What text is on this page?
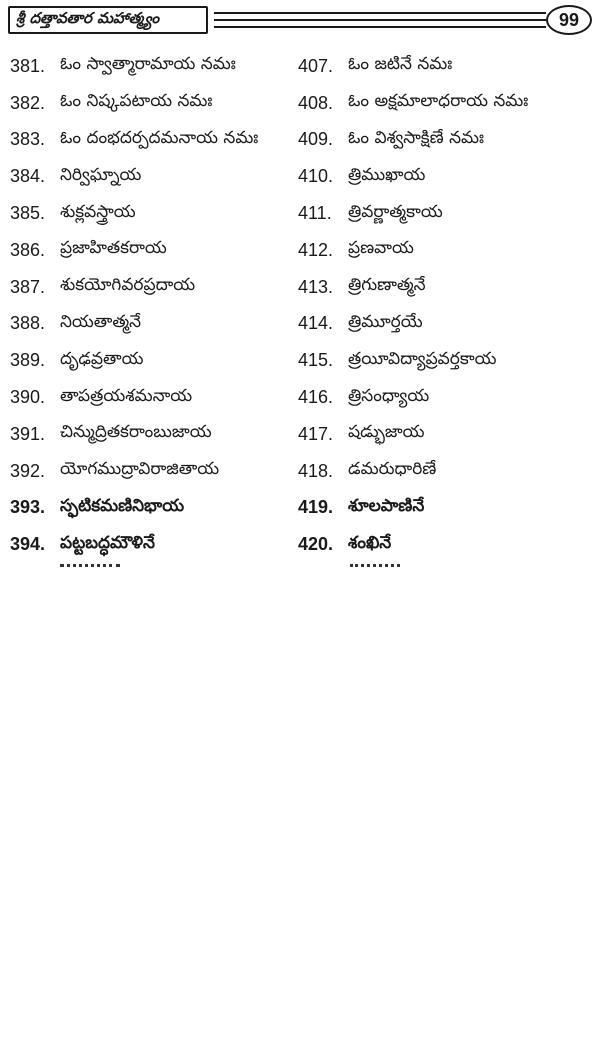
శ్రీ దత్తావతార మహాత్మ్యం	99
381. ఓం స్వాత్మారామాయ నమః	407. ఓం జటినే నమః
382. ఓం నిష్కపటాయ నమః	408. ఓం అక్షమాలాధరాయ నమః
383. ఓం దంభదర్పదమనాయ నమః 409. ఓం విశ్వసాక్షిణే నమః
384. నిర్విఘ్నాయ	410. త్రిముఖాయ
385. శుక్లవస్త్రాయ	411. త్రివర్ణాత్మకాయ
386. ప్రజాహితకరాయ	412. ప్రణవాయ
387. శుకయోగివరప్రదాయ	413. త్రిగుణాత్మనే
388. నియతాత్మనే	414. త్రిమూర్తయే
389. దృఢవ్రతాయ	415. త్రయీవిద్యాప్రవర్తకాయ
390. తాపత్రయశమనాయ	416. త్రిసంధ్యాయ
391. చిన్ముద్రితకరాంబుజాయ	417. షడ్భుజాయ
392. యోగముద్రావిరాజితాయ	418. డమరుధారిణే
393. స్ఫటికమణినిభాయ	419. శూలపాణినే
394. పట్టబద్ధమౌళినే	420. శంఖినే
